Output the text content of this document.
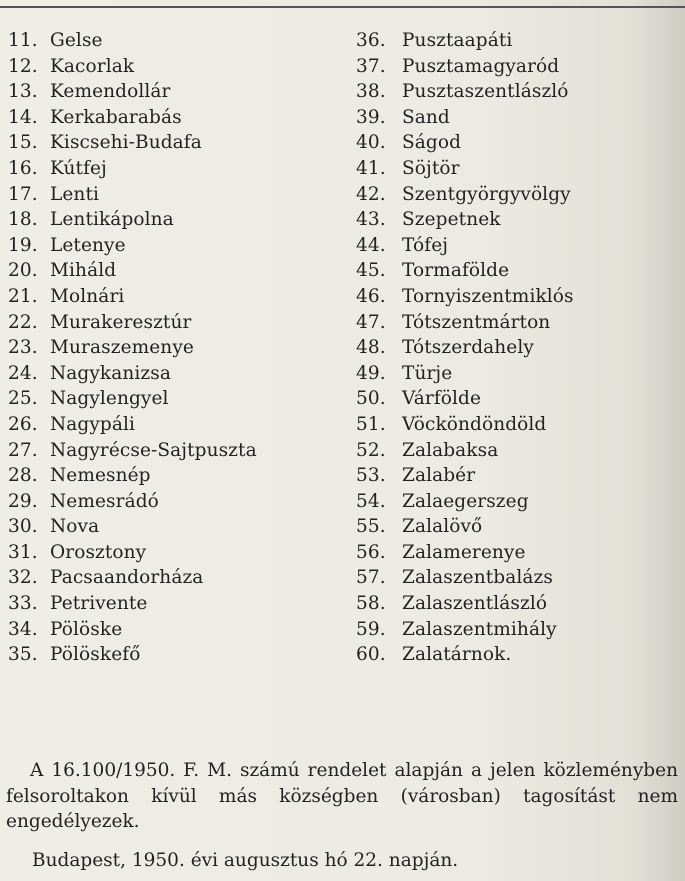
11. Gelse
12. Kacorlak
13. Kemendollár
14. Kerkabarabás
15. Kiscsehi-Budafa
16. Kútfej
17. Lenti
18. Lentikápolna
19. Letenye
20. Miháld
21. Molnári
22. Murakeresztúr
23. Muraszemenye
24. Nagykanizsa
25. Nagylengyel
26. Nagypáli
27. Nagyrécse-Sajtpuszta
28. Nemesnép
29. Nemesrádó
30. Nova
31. Orosztony
32. Pacsaandorháza
33. Petrivente
34. Pölöske
35. Pölöskefő
36. Pusztaapáti
37. Pusztamagyaród
38. Pusztaszentlászló
39. Sand
40. Ságod
41. Söjtör
42. Szentgyörgyvölgy
43. Szepetnek
44. Tófej
45. Tormafölde
46. Tornyiszentmiklós
47. Tótszentmárton
48. Tótszerdahely
49. Türje
50. Várfölde
51. Vöcköndöndöld
52. Zalabaksa
53. Zalabér
54. Zalaegerszeg
55. Zalalövő
56. Zalamerenye
57. Zalaszentbalázs
58. Zalaszentlászló
59. Zalaszentmihály
60. Zalatárnok.

A 16.100/1950. F. M. számú rendelet alapján a jelen közleményben felsoroltakon kívül más községben (városban) tagosítást nem engedélyezek.

Budapest, 1950. évi augusztus hó 22. napján.
